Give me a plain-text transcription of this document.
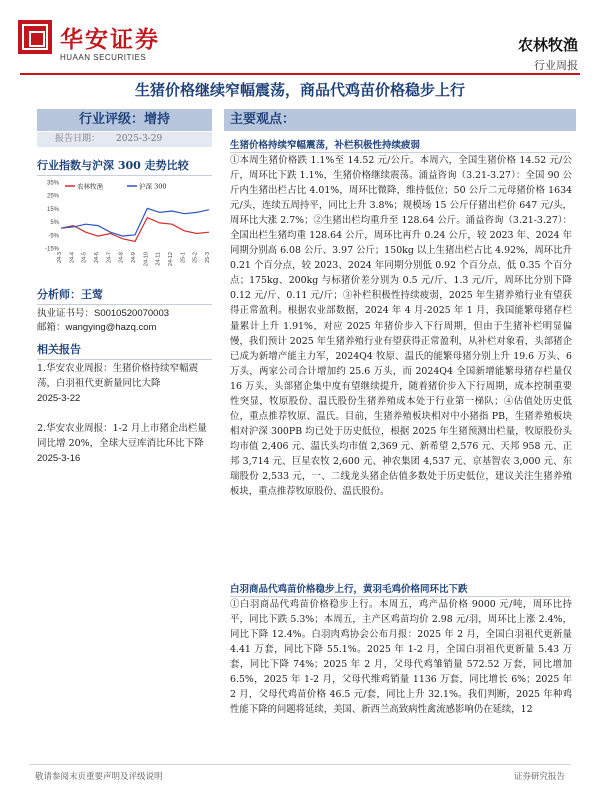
华安证券
HUAAN SECURITIES
农林牧渔
行业周报
生猪价格继续窄幅震荡，商品代鸡苗价格稳步上行
行业评级：增持
报告日期： 2025-3-29
行业指数与沪深 300 走势比较
35%
25%
15%
5%
-5%
-15%
24-3 24-4 24-5 24-6 24-7 24-8 24-9 24-10 24-11 24-12 25-1 25-2 25-3
农林牧渔	沪深 300
分析师：王莺
执业证书号：S0010520070003
邮箱：wangying@hazq.com
相关报告
1.华安农业周报：生猪价格持续窄幅震荡，白羽祖代更新量同比大降
2025-3-22
2.华安农业周报：1-2 月上市猪企出栏量同比增 20%，全球大豆库消比环比下降
2025-3-16
主要观点：
生猪价格持续窄幅震荡，补栏积极性持续疲弱
①本周生猪价格跌 1.1%至 14.52 元/公斤。本周六，全国生猪价格 14.52 元/公斤，周环比下跌 1.1%，生猪价格继续震荡。涌益咨询（3.21-3.27）：全国 90 公斤内生猪出栏占比 4.01%，周环比微降，维持低位；50 公斤二元母猪价格 1634 元/头，连续五周持平，同比上升 3.8%；规模场 15 公斤仔猪出栏价 647 元/头，周环比大涨 2.7%；②生猪出栏均重升至 128.64 公斤。涌益咨询（3.21-3.27）：全国出栏生猪均重 128.64 公斤，周环比再升 0.24 公斤，较 2023 年、2024 年同期分别高 6.08 公斤、3.97 公斤；150kg 以上生猪出栏占比 4.92%，周环比升 0.21 个百分点，较 2023、2024 年同期分别低 0.92 个百分点、低 0.35 个百分点；175kg、200kg 与标猪价差分别为 0.5 元/斤、1.3 元/斤，周环比分别下降 0.12 元/斤、0.11 元/斤；③补栏积极性持续疲弱，2025 年生猪养殖行业有望获得正常盈利。根据农业部数据，2024 年 4 月-2025 年 1 月，我国能繁母猪存栏量累计上升 1.91%，对应 2025 年猪价步入下行周期，但由于生猪补栏明显偏慢，我们预计 2025 年生猪养殖行业有望获得正常盈利，从补栏对象看，头部猪企已成为新增产能主力军，2024Q4 牧原、温氏的能繁母猪分别上升 19.6 万头、6 万头，两家公司合计增加约 25.6 万头，而 2024Q4 全国新增能繁母猪存栏量仅 16 万头，头部猪企集中度有望继续提升，随着猪价步入下行周期，成本控制重要性突显，牧原股份、温氏股份生猪养殖成本处于行业第一梯队；④估值处历史低位，重点推荐牧原、温氏。目前，生猪养殖板块相对中小猪指 PB，生猪养殖板块相对沪深 300PB 均已处于历史低位，根据 2025 年生猪预测出栏量，牧原股份头均市值 2,406 元、温氏头均市值 2,369 元、新希望 2,576 元、天邦 958 元、正邦 3,714 元、巨星农牧 2,600 元、神农集团 4,537 元、京基智农 3,000 元、东瑞股份 2,533 元，一、二线龙头猪企估值多数处于历史低位，建议关注生猪养殖板块，重点推荐牧原股份、温氏股份。
白羽商品代鸡苗价格稳步上行，黄羽毛鸡价格同环比下跌
①白羽商品代鸡苗价格稳步上行。本周五，鸡产品价格 9000 元/吨，周环比持平，同比下跌 5.3%；本周五，主产区鸡苗均价 2.98 元/羽，周环比上涨 2.4%，同比下降 12.4%。白羽肉鸡协会公布月报：2025 年 2 月，全国白羽祖代更新量 4.41 万套，同比下降 55.1%。2025 年 1-2 月，全国白羽祖代更新量 5.43 万套，同比下降 74%；2025 年 2 月，父母代鸡雏销量 572.52 万套，同比增加 6.5%，2025 年 1-2 月，父母代维鸡销量 1136 万套，同比增长 6%；2025 年 2 月，父母代鸡苗价格 46.5 元/套，同比上升 32.1%。我们判断，2025 年种鸡性能下降的问题将延续，美国、新西兰高致病性禽流感影响仍在延续，12
敬请参阅末页重要声明及评级说明	证券研究报告
